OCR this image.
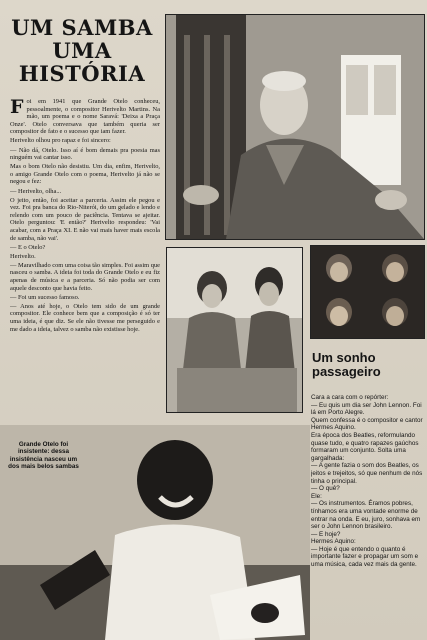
UM SAMBA
UMA
HISTÓRIA

Foi em 1941 que Grande Otelo conheceu, pessoalmente, o compositor Herivelto Martins. Na mão, um poema e o nome Saravá: 'Deixa a Praça Onze'. Otelo conversava que também queria ser compositor de fato e o sucesso que iam fazer.

Herivelto olhou pro rapaz e foi sincero:

— Não dá, Otelo. Isso aí é bom demais pra poesia mas ninguém vai cantar isso.

Mas o bom Otelo não desistiu. Um dia, enfim, Herivelto, o amigo Grande Otelo com o poema, Herivelto já não se negou e fez:

— Herivelto, olha...

O jeito, então, foi aceitar a parceria. Assim ele pegou e vez. Foi pra banca do Rio-Niterói, do um gelado e lendo e relendo com um pouco de paciência. Tentava se ajeitar. Otelo perguntou: 'E então?' Herivelto respondeu: 'Vai acabar, com a Praça XI. E não vai mais haver mais escola de samba, não vai'.

— E o Otelo?

Herivelto.

— Maravilhado com uma coisa tão simples. Foi assim que nasceu o samba. A ideia foi toda do Grande Otelo e eu fiz apenas de música e a parceria. Só não podia ser com aquele desconto que havia feito.

— Foi um sucesso famoso.

— Anos até hoje, o Otelo tem sido de um grande compositor. Ele conhece bem que a composição é só ter uma ideia, é que diz. Se ele não tivesse me perseguido e me dado a ideia, talvez o samba não existisse hoje.

Grande Otelo foi insistente: dessa insistência nasceu um dos mais belos sambas
Um sonho passageiro

Cara a cara com o repórter:

— Eu quis um dia ser John Lennon. Foi lá em Porto Alegre.

Quem confessa é o compositor e cantor Hermes Aquino.

Era época dos Beatles, reformulando quase tudo, e quatro rapazes gaúchos formaram um conjunto. Solta uma gargalhada:

— A gente fazia o som dos Beatles, os jeitos e trejeitos, só que nenhum de nós tinha o principal.

— O quê?

Ele:

— Os instrumentos. Éramos pobres, tínhamos era uma vontade enorme de entrar na onda. E eu, juro, sonhava em ser o John Lennon brasileiro.

— E hoje?

Hermes Aquino:

— Hoje é que entendo o quanto é importante fazer e propagar um som e uma música, cada vez mais da gente.
